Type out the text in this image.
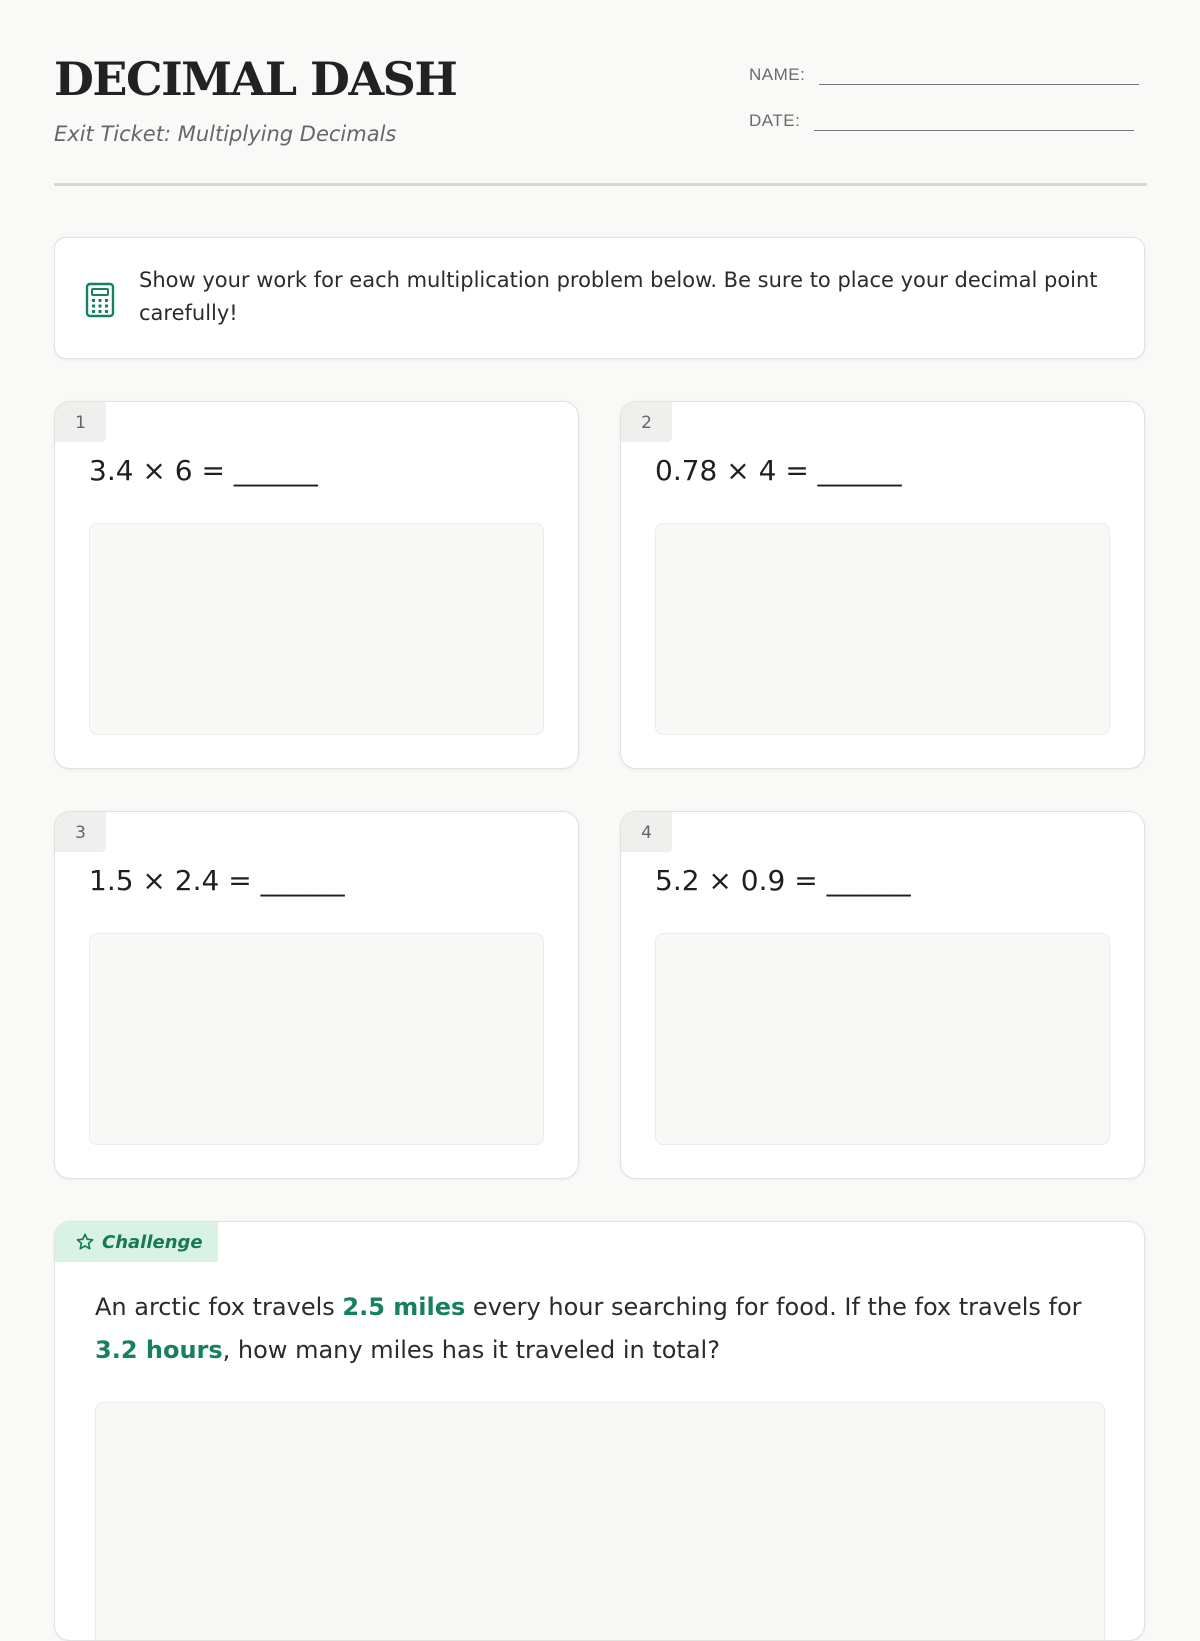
DECIMAL DASH
Exit Ticket: Multiplying Decimals
NAME:
DATE:
Show your work for each multiplication problem below. Be sure to place your decimal point carefully!
1
3.4 × 6 = ______
2
0.78 × 4 = ______
3
1.5 × 2.4 = ______
4
5.2 × 0.9 = ______
Challenge
An arctic fox travels 2.5 miles every hour searching for food. If the fox travels for 3.2 hours, how many miles has it traveled in total?
